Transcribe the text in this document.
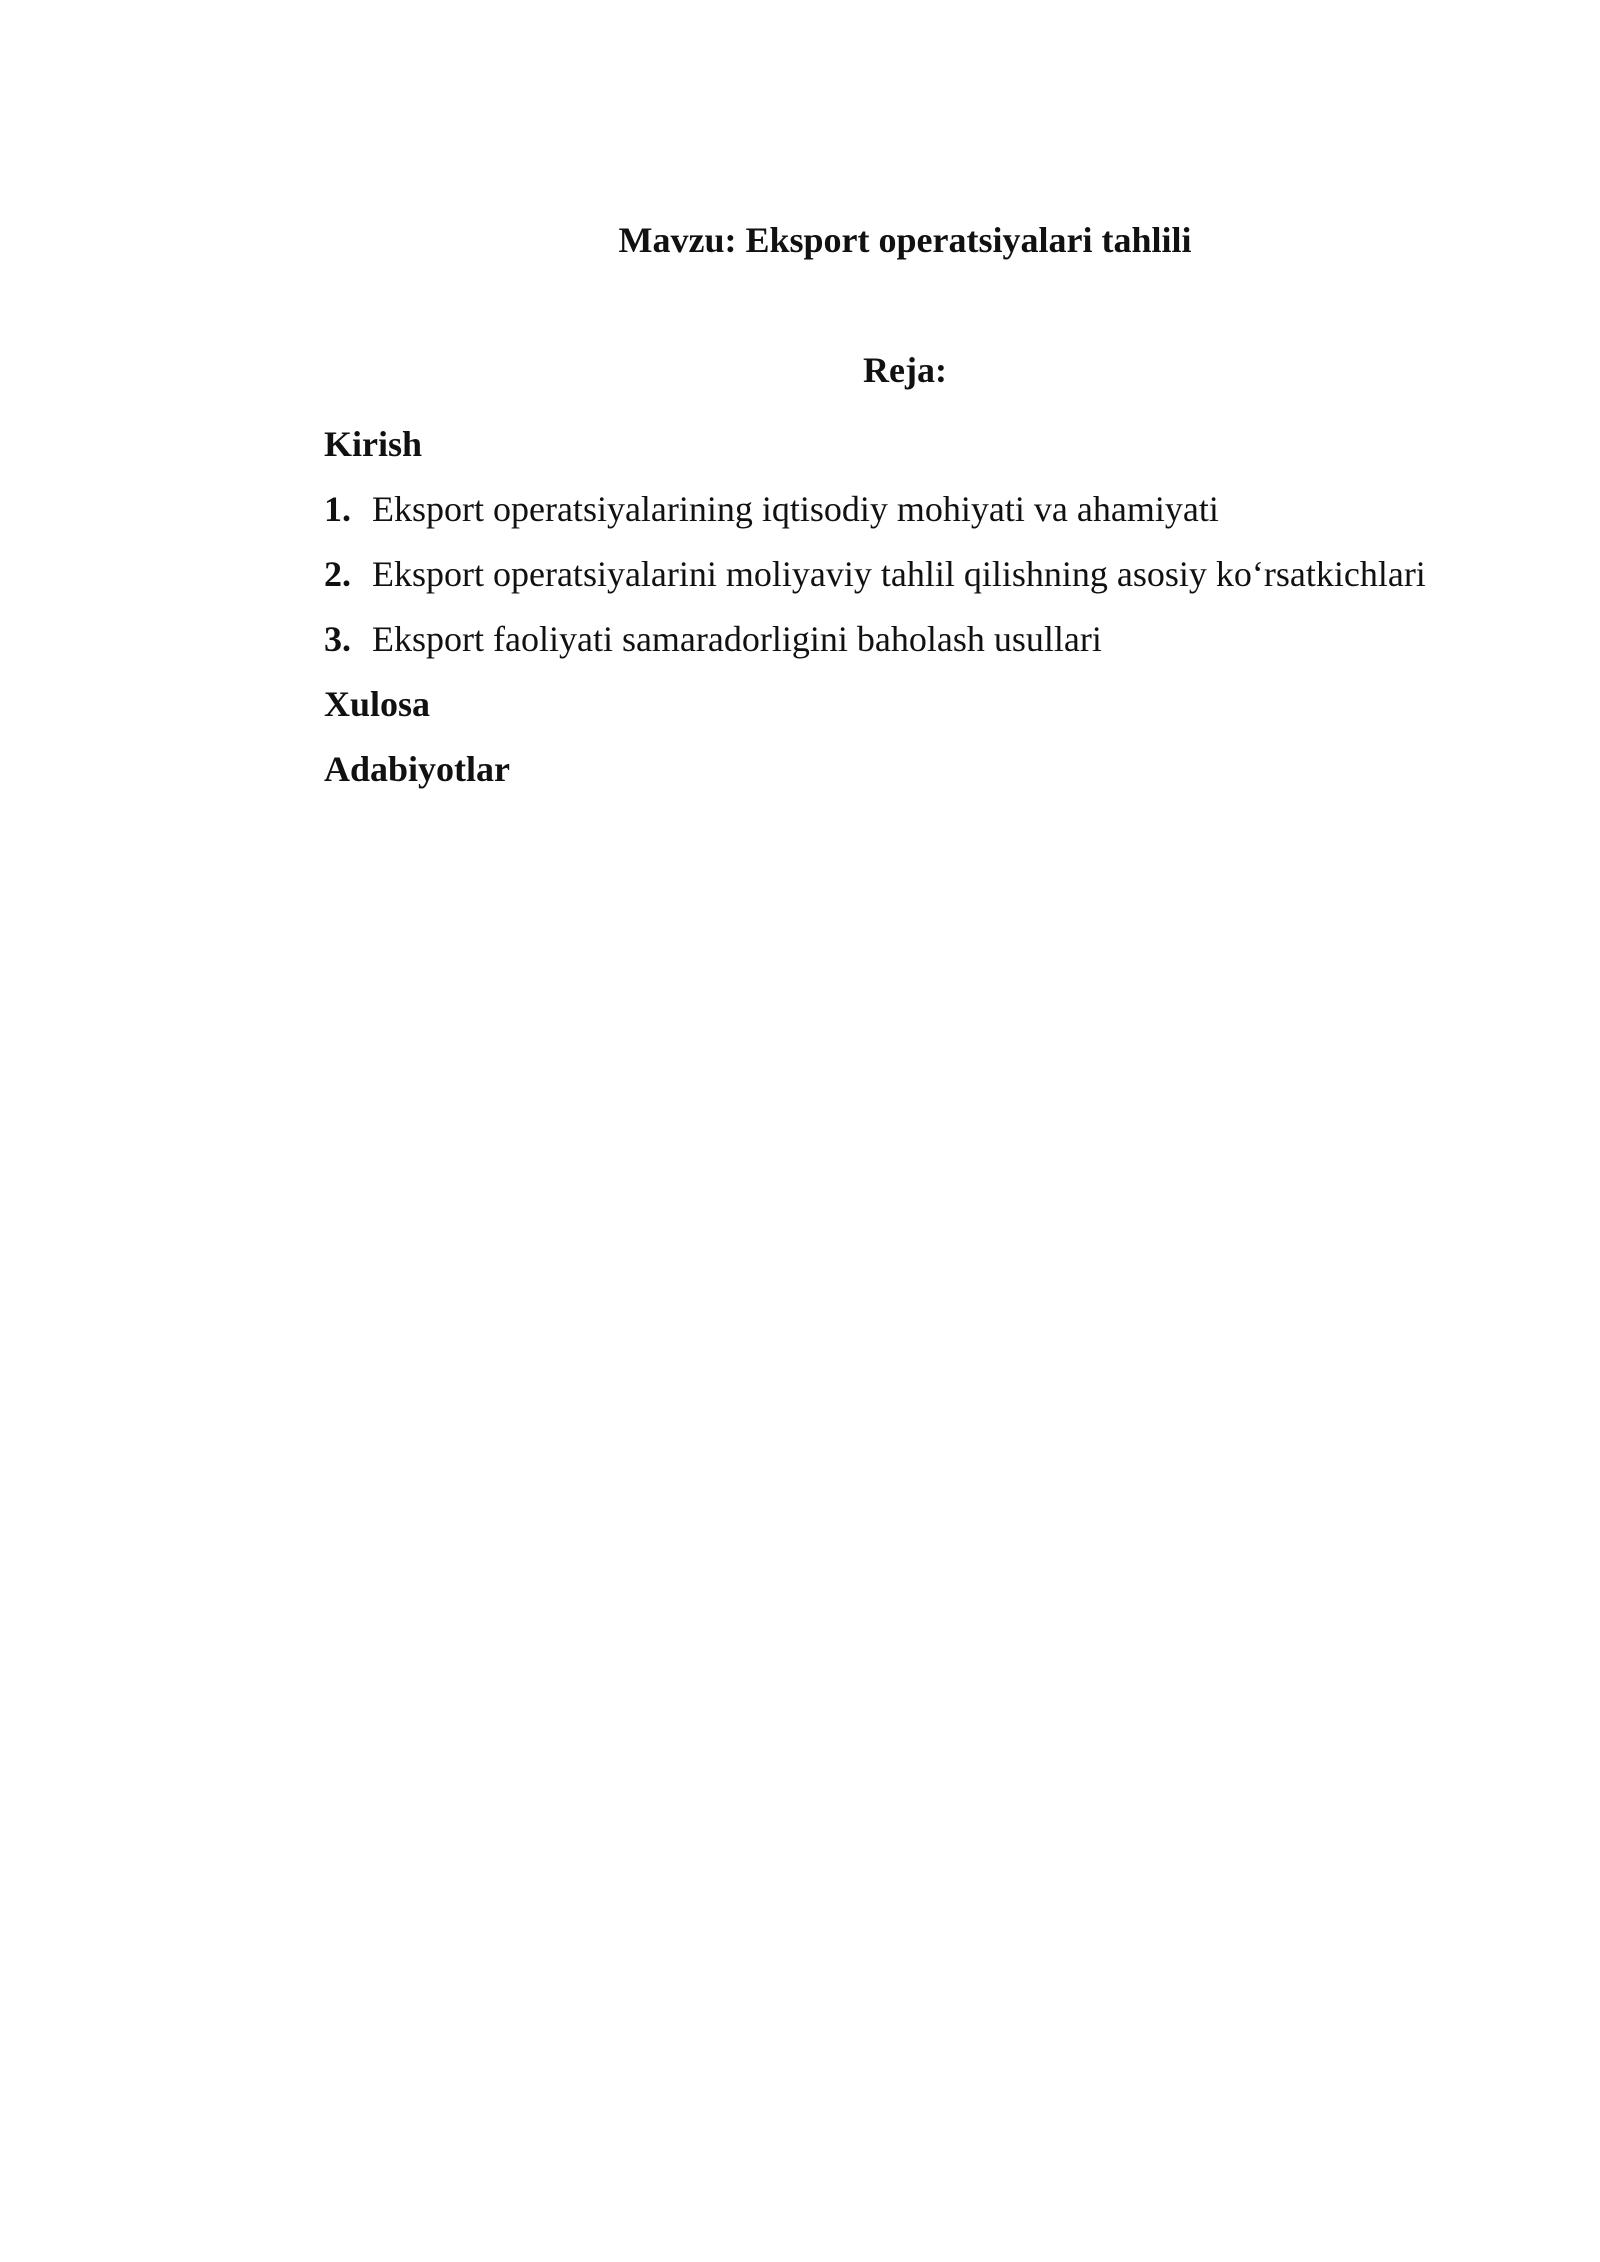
Mavzu: Eksport operatsiyalari tahlili
Reja:
Kirish
1. Eksport operatsiyalarining iqtisodiy mohiyati va ahamiyati
2. Eksport operatsiyalarini moliyaviy tahlil qilishning asosiy ko‘rsatkichlari
3. Eksport faoliyati samaradorligini baholash usullari
Xulosa
Adabiyotlar
